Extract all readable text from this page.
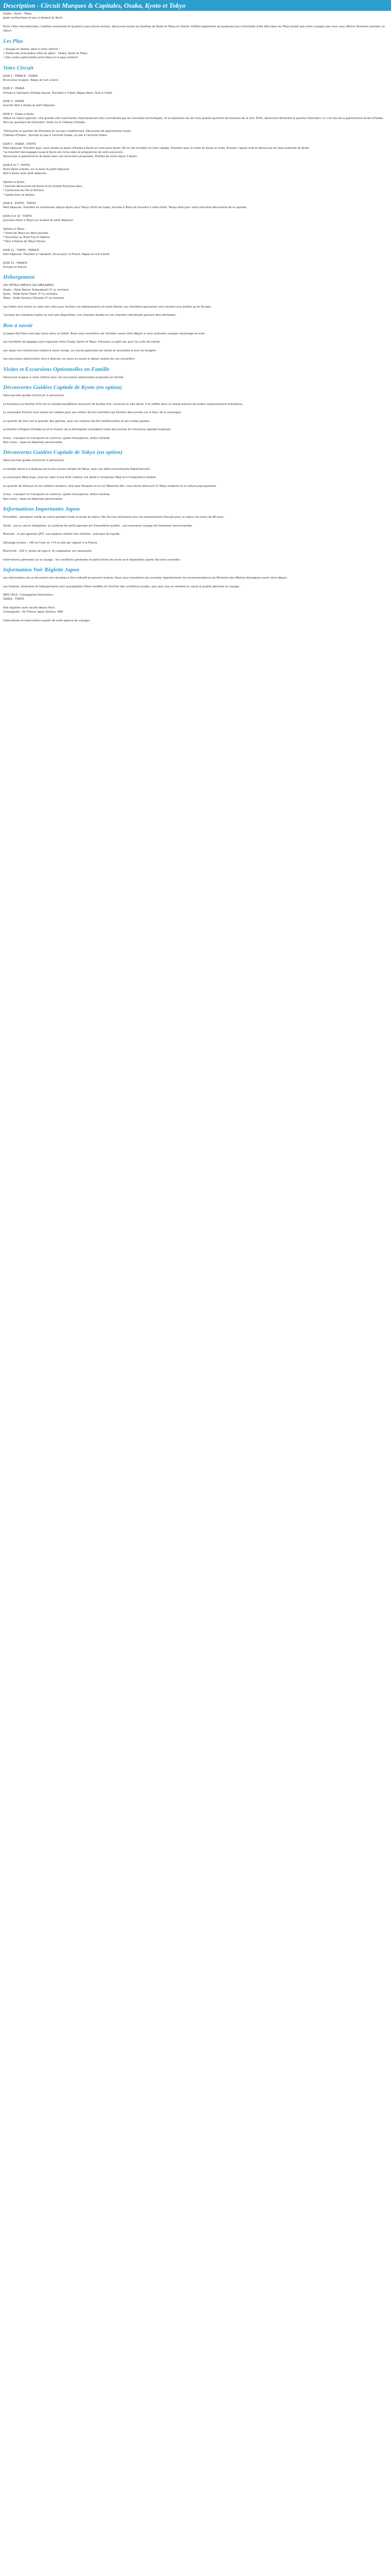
Description - Circuit Marques & Capitales, Osaka, Kyoto et Tokyo

Osaka - Kyoto - Tokyo
Japon authentique et pas si éloigné du Nord...

Entre villes internationales, tradition ancestrale et quartiers pop-culture animés, découvrez toutes les facettes de Kyoto et Tokyo en liberté. Profitez également de quelques jours d'activités d'été libre dans les Tokyo plutôt que entre voyages que nous vous offrons librement pendant ce séjour.

Les Plus

• Voyage en liberté, idéal à votre rythme !
• Visites des principales villes du Japon : Osaka, Kyoto et Tokyo
• Des visites optionnelles entre Nara et le pays profond.

Votre Circuit

JOUR 1 : FRANCE - OSAKA
Envol pour le Japon. Repas et nuit à bord.

JOUR 2 : OSAKA
Arrivée à l'aéroport d'Osaka Kansai. Transfert à l'hôtel. Repas libres. Nuit à l'hôtel.

JOUR 3 : OSAKA
Journée libre à Osaka et petit déjeuner.

JOUR 4 : Osaka à Kyoto
Début du séjour japonais. Une grande ville marchande, historiquement plus concrétisée par les nouvelles technologies, et la réputation de ses trois grands quartiers de business de la nuit. Enfin, découvrez librement le quartier Dotonbori, un vrai lieu de la gastronomie locale d'Osaka. Vers les quartiers de Dotonbori. Visite ou le Château d'Osaka.

"Découvrez le quartier de Shinsekai et ses bars traditionnels. Découvrez de gastronomie locale.
Château d'Osaka - Journée ou pas à l'activité Osaka, ou pas à l'activité Osaka.

JOUR 5 : OSAKA - KYOTO
Petit déjeuner. Transfert pour vous rendre au Japon d'Osaka à Kyoto en train pour Kyoto (30 mn de transfert en train rapide). Transfert pour la visite du Kyoto et visite. Ensuite, l'après-midi et découvrez les sites profonds de Kyoto.
"Le transfert des bagages jusqu'à Kyoto est inclus dans le programme de votre excursion.
Découvrez la gastronomie de Kyoto avec nos excursions proposées. Profitez de votre séjour à Kyoto.

JOUR 6 et 7 : KYOTO
Nuits libres à Kyoto, sur la base du petit déjeuner.
Nuit à Kyoto avec petit déjeuner.

Options à Kyoto :
* Journée découverte de Kyoto et du temple Kiyomizu-dera
* Cérémonie du thé et Kimono
* Soirée Gion et Geisha

JOUR 8 : KYOTO - TOKYO
Petit déjeuner. Transfert en shinkansen depuis Kyoto pour Tokyo (2h30 de trajet). Arrivée à Tokyo et transfert à votre hôtel. Temps libre pour votre première découverte de la capitale.

JOUR 9 et 10 : TOKYO
Journées libres à Tokyo sur la base du petit déjeuner.

Options à Tokyo :
* Visite de Tokyo en demi-journée
* Excursion au Mont Fuji et Hakone
* Parc à thème de Tokyo Disney

JOUR 11 : TOKYO - FRANCE
Petit déjeuner. Transfert à l'aéroport. Envol pour la France. Repas et nuit à bord.

JOUR 12 : FRANCE
Arrivée en France.

Hébergement

LES HÔTELS PRÉVUS (OU SIMILAIRES)
Osaka : Hotel Keihan Yodoyabashi 3* ou similaire
Kyoto : Hotel Kyoto Tower 3* ou similaire
Tokyo : Hotel Gracery Shinjuku 3* ou similaire

Les hôtels sont situés au cœur des villes pour faciliter vos déplacements en toute liberté. Les chambres japonaises sont souvent plus petites qu'en Europe.

"Lorsque les chambres triples ne sont pas disponibles, une chambre double et une chambre individuelle peuvent être attribuées.

Bon à savoir

Le Japan Rail Pass n'est pas inclus dans ce forfait. Nous vous conseillons de l'acheter avant votre départ si vous souhaitez voyager davantage en train.

Les transferts de bagages sont organisés entre Osaka, Kyoto et Tokyo. Prévoyez un petit sac pour les nuits de transit.

Les repas non mentionnés restent à votre charge. La cuisine japonaise est variée et accessible à tous les budgets.

Les excursions optionnelles sont à réserver sur place ou avant le départ auprès de nos conseillers.

Visites et Excursions Optionnelles en Famille

Découvrez le Japon à votre rythme avec nos excursions optionnelles proposées en famille.

Découvertes Guidées Capitale de Kyoto (en option)

Demi-journée guidée (minimum 2 personnes)

Le Kinkaku-ji ou Pavillon d'Or est un temple bouddhiste recouvert de feuilles d'or, construit au 14e siècle. Il se reflète dans un étang entouré de jardins soigneusement entretenus.

Le sanctuaire Fushimi Inari-taisha est célèbre pour ses milliers de torii vermillon qui forment des tunnels sur le flanc de la montagne.

Le quartier de Gion est le quartier des geishas, avec ses maisons de thé traditionnelles et ses ruelles pavées.

Le Pavillon d'Argent (Ginkaku-ji) et le chemin de la philosophie complètent cette découverte de l'ancienne capitale impériale.

Inclus : transport en transports en commun, guide francophone, droits d'entrée.
Non inclus : repas et dépenses personnelles.

Découvertes Guidées Capitale de Tokyo (en option)

Demi-journée guidée (minimum 2 personnes)

Le temple Senso-ji à Asakusa est le plus ancien temple de Tokyo, avec son allée commerçante Nakamise-dori.

Le sanctuaire Meiji-jingu, situé au cœur d'une forêt urbaine, est dédié à l'empereur Meiji et à l'impératrice Shoken.

Le quartier de Shibuya et son célèbre carrefour, ainsi que Harajuku et la rue Takeshita-dori, vous feront découvrir le Tokyo moderne et la culture pop japonaise.

Inclus : transport en transports en commun, guide francophone, droits d'entrée.
Non inclus : repas et dépenses personnelles.

Informations Importantes Japon

Formalités : passeport valide au moins pendant toute la durée du séjour. Pas de visa nécessaire pour les ressortissants français pour un séjour de moins de 90 jours.

Santé : aucun vaccin obligatoire. Le système de santé japonais est d'excellente qualité ; une assurance voyage est fortement recommandée.

Monnaie : le yen japonais (JPY). Les espèces restent très utilisées ; prévoyez du liquide.

Décalage horaire : +8h en hiver et +7h en été par rapport à la France.

Électricité : 100 V, prises de type A. Un adaptateur est nécessaire.

Informations générales sur le voyage : les conditions générales et particulières de vente sont disponibles auprès de votre conseiller.

Information Voir Règlette Japon

Les informations de ce document sont données à titre indicatif et peuvent évoluer. Nous vous conseillons de consulter régulièrement les recommandations du Ministère des Affaires étrangères avant votre départ.

Les horaires, itinéraires et hébergements sont susceptibles d'être modifiés en fonction des conditions locales, sans que cela ne remette en cause la qualité générale du voyage.

INFO VOLS - Compagnies Partenaires :
OSAKA - TOKYO

Vols réguliers avec escale depuis Paris
Compagnies : Air France, Japan Airlines, ANA

Informations et réservations auprès de votre agence de voyages.
